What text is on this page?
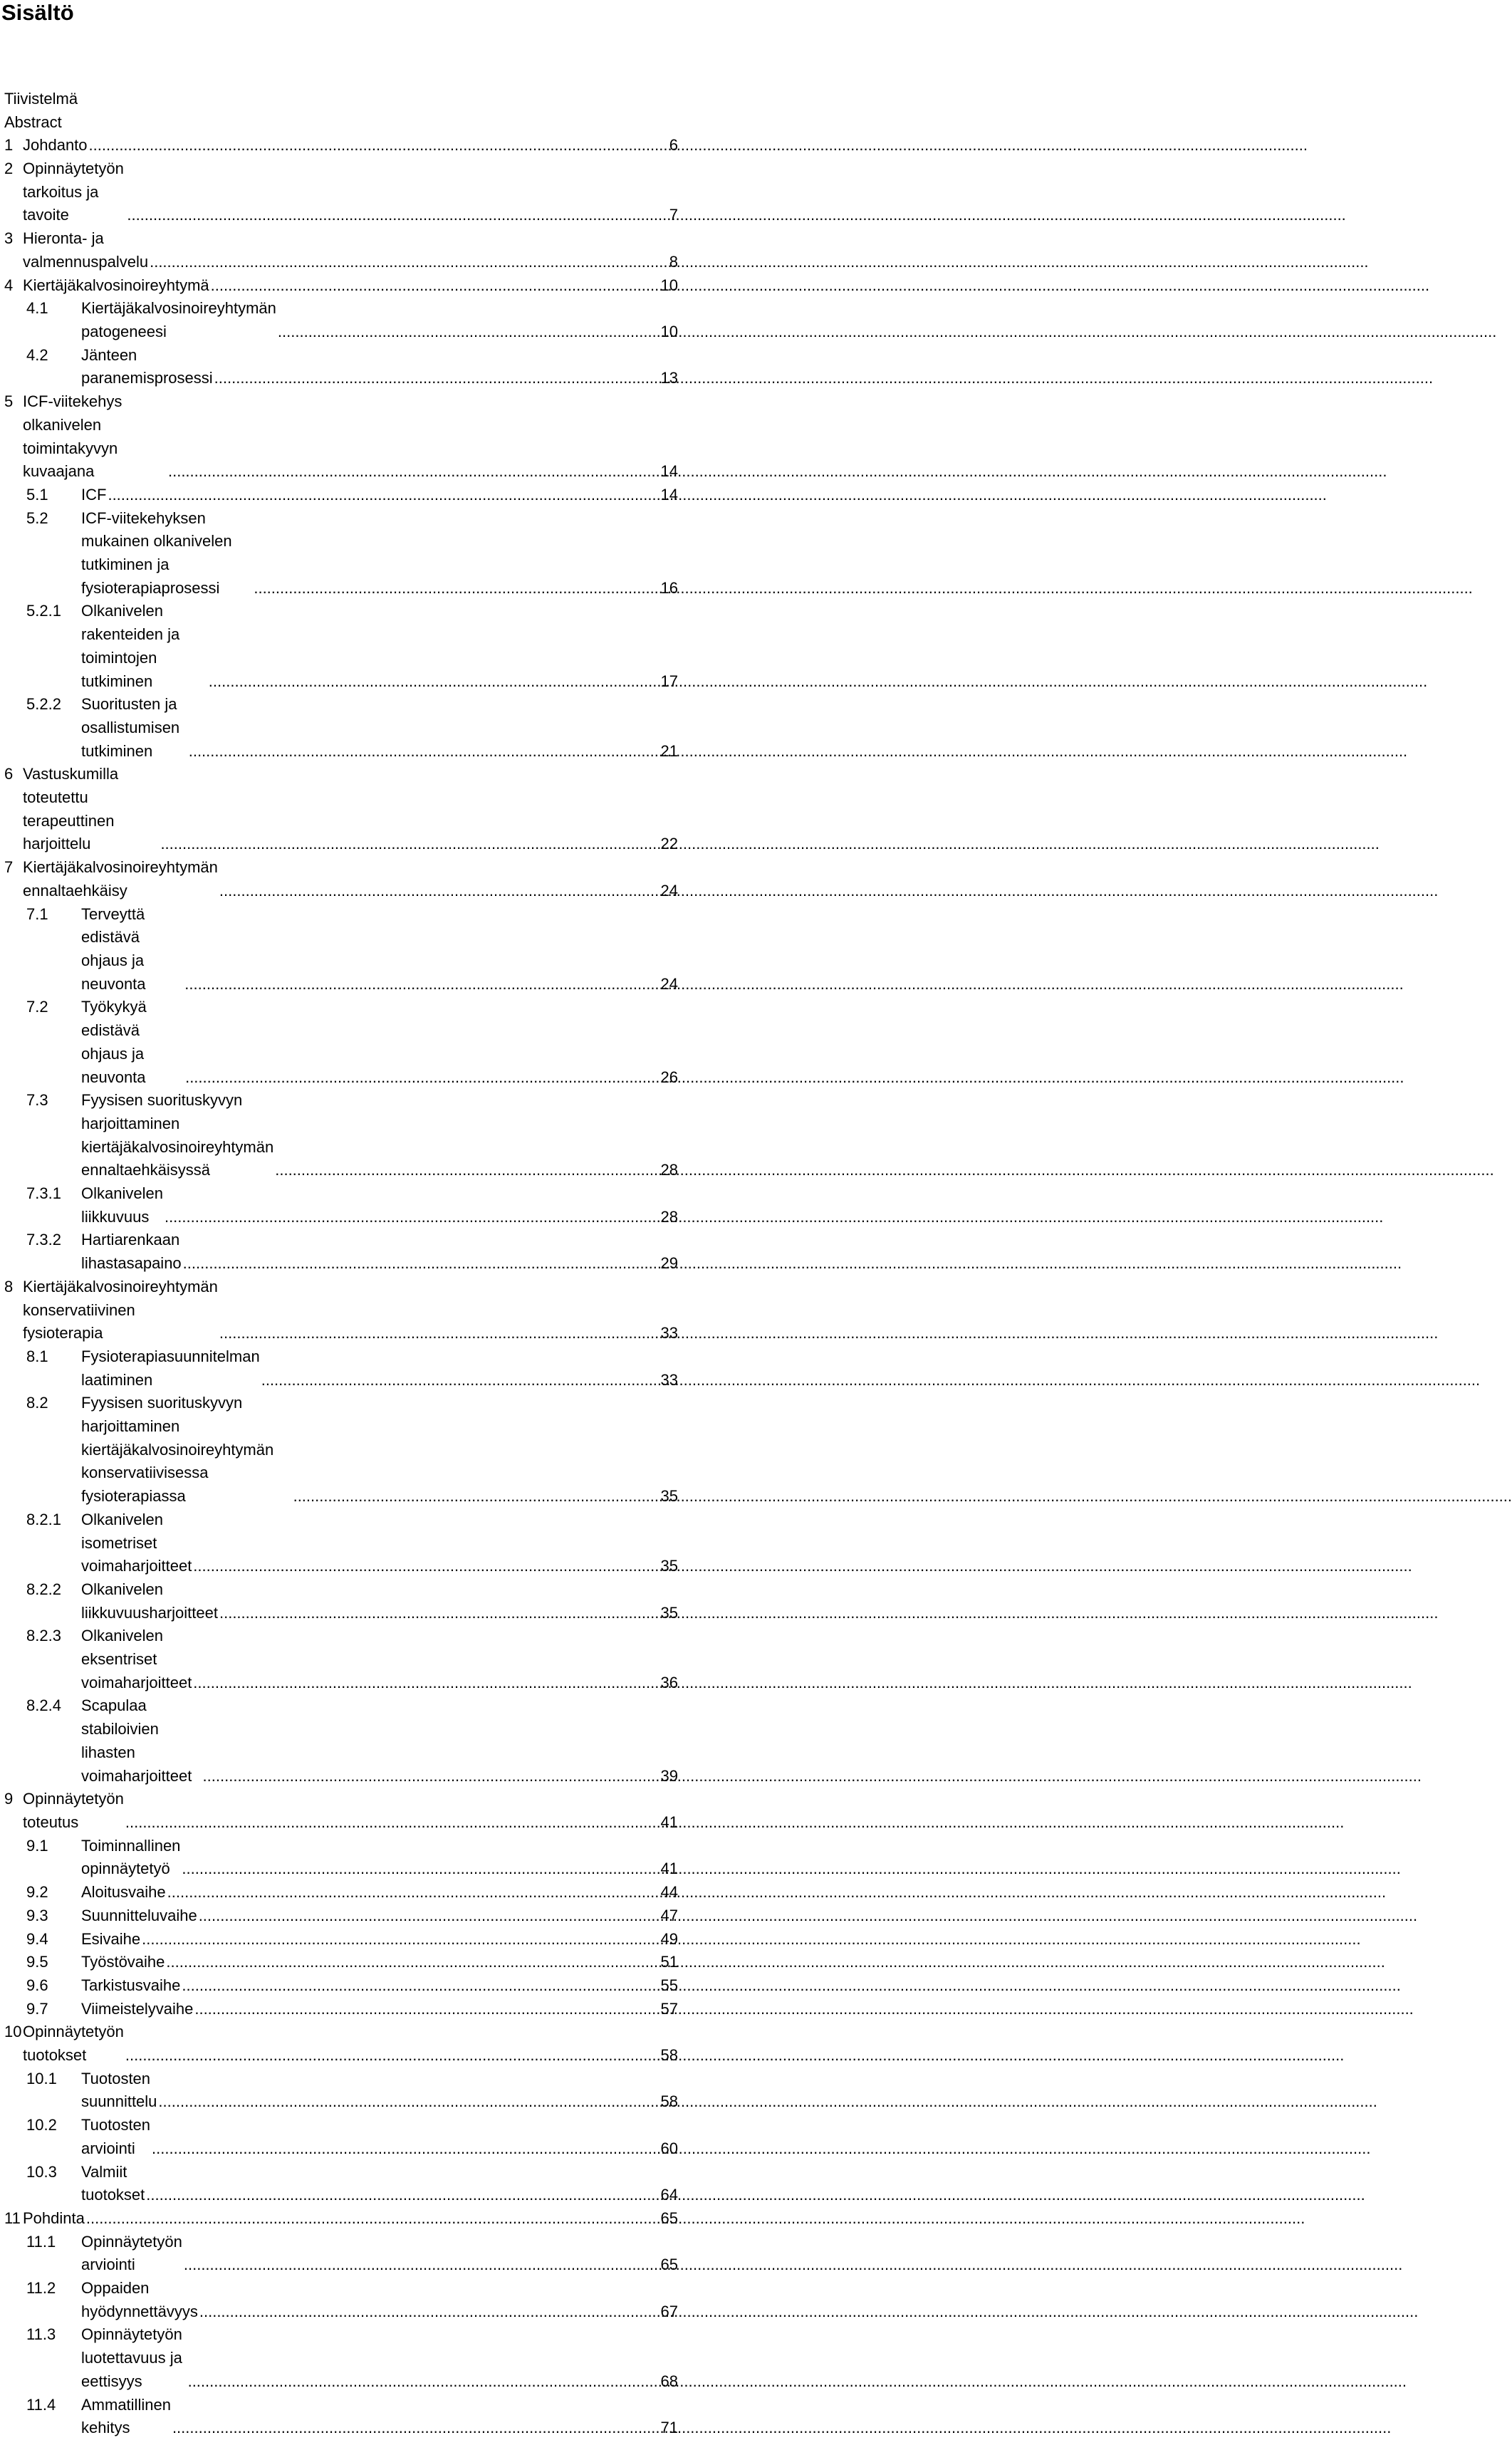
Sisältö
Tiivistelmä
Abstract
1 Johdanto .....	6
2 Opinnäytetyön tarkoitus ja tavoite .....	7
3 Hieronta- ja valmennuspalvelu .....	8
4 Kiertäjäkalvosinoireyhtymä .....	10
4.1	Kiertäjäkalvosinoireyhtymän patogeneesi .....	10
4.2	Jänteen paranemisprosessi .....	13
5 ICF-viitekehys olkanivelen toimintakyvyn kuvaajana .....	14
5.1	ICF .....	14
5.2	ICF-viitekehyksen mukainen olkanivelen tutkiminen ja fysioterapiaprosessi .....	16
5.2.1	Olkanivelen rakenteiden ja toimintojen tutkiminen .....	17
5.2.2	Suoritusten ja osallistumisen tutkiminen .....	21
6 Vastuskumilla toteutettu terapeuttinen harjoittelu .....	22
7 Kiertäjäkalvosinoireyhtymän ennaltaehkäisy .....	24
7.1	Terveyttä edistävä ohjaus ja neuvonta .....	24
7.2	Työkykyä edistävä ohjaus ja neuvonta .....	26
7.3	Fyysisen suorituskyvyn harjoittaminen kiertäjäkalvosinoireyhtymän ennaltaehkäisyssä .....	28
7.3.1	Olkanivelen liikkuvuus .....	28
7.3.2	Hartiarenkaan lihastasapaino .....	29
8 Kiertäjäkalvosinoireyhtymän konservatiivinen fysioterapia .....	33
8.1	Fysioterapiasuunnitelman laatiminen .....	33
8.2	Fyysisen suorituskyvyn harjoittaminen kiertäjäkalvosinoireyhtymän konservatiivisessa fysioterapiassa .....	35
8.2.1	Olkanivelen isometriset voimaharjoitteet .....	35
8.2.2	Olkanivelen liikkuvuusharjoitteet .....	35
8.2.3	Olkanivelen eksentriset voimaharjoitteet .....	36
8.2.4	Scapulaa stabiloivien lihasten voimaharjoitteet .....	39
9 Opinnäytetyön toteutus .....	41
9.1	Toiminnallinen opinnäytetyö .....	41
9.2	Aloitusvaihe .....	44
9.3	Suunnitteluvaihe .....	47
9.4	Esivaihe .....	49
9.5	Työstövaihe .....	51
9.6	Tarkistusvaihe .....	55
9.7	Viimeistelyvaihe .....	57
10 Opinnäytetyön tuotokset .....	58
10.1	Tuotosten suunnittelu .....	58
10.2	Tuotosten arviointi .....	60
10.3	Valmiit tuotokset .....	64
11 Pohdinta .....	65
11.1	Opinnäytetyön arviointi .....	65
11.2	Oppaiden hyödynnettävyys .....	67
11.3	Opinnäytetyön luotettavuus ja eettisyys .....	68
11.4	Ammatillinen kehitys .....	71
